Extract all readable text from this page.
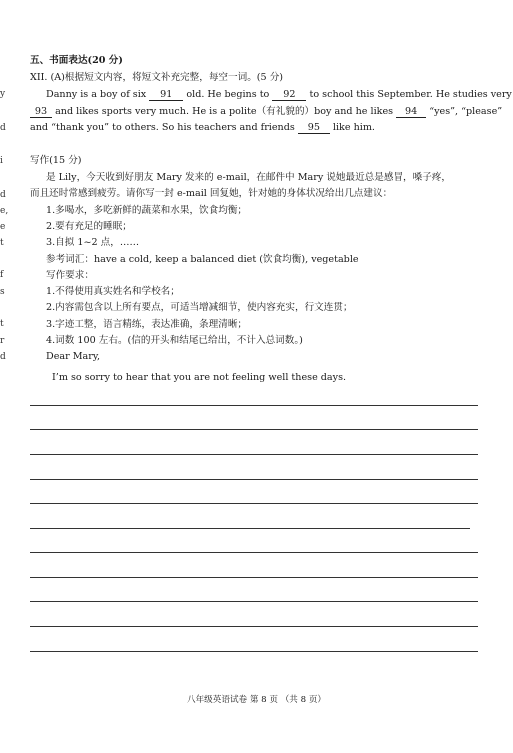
y
d
i
d
e,
e
t
f
s
t
r
d
五、书面表达(20 分)
XII. (A)根据短文内容，将短文补充完整，每空一词。(5 分)
Danny is a boy of six 91 old. He begins to 92 to school this September. He studies very
93 and likes sports very much. He is a polite（有礼貌的）boy and he likes 94 “yes”, “please”
and “thank you” to others. So his teachers and friends 95 like him.
写作(15 分)
是 Lily，今天收到好朋友 Mary 发来的 e-mail，在邮件中 Mary 说她最近总是感冒，嗓子疼，
而且还时常感到疲劳。请你写一封 e-mail 回复她，针对她的身体状况给出几点建议：
1.多喝水，多吃新鲜的蔬菜和水果，饮食均衡；
2.要有充足的睡眠；
3.自拟 1~2 点，……
参考词汇：have a cold, keep a balanced diet (饮食均衡), vegetable
写作要求：
1.不得使用真实姓名和学校名；
2.内容需包含以上所有要点，可适当增减细节，使内容充实，行文连贯；
3.字迹工整，语言精练，表达准确，条理清晰；
4.词数 100 左右。(信的开头和结尾已给出，不计入总词数。)
Dear Mary,
I’m so sorry to hear that you are not feeling well these days.
八年级英语试卷 第 8 页 （共 8 页）
